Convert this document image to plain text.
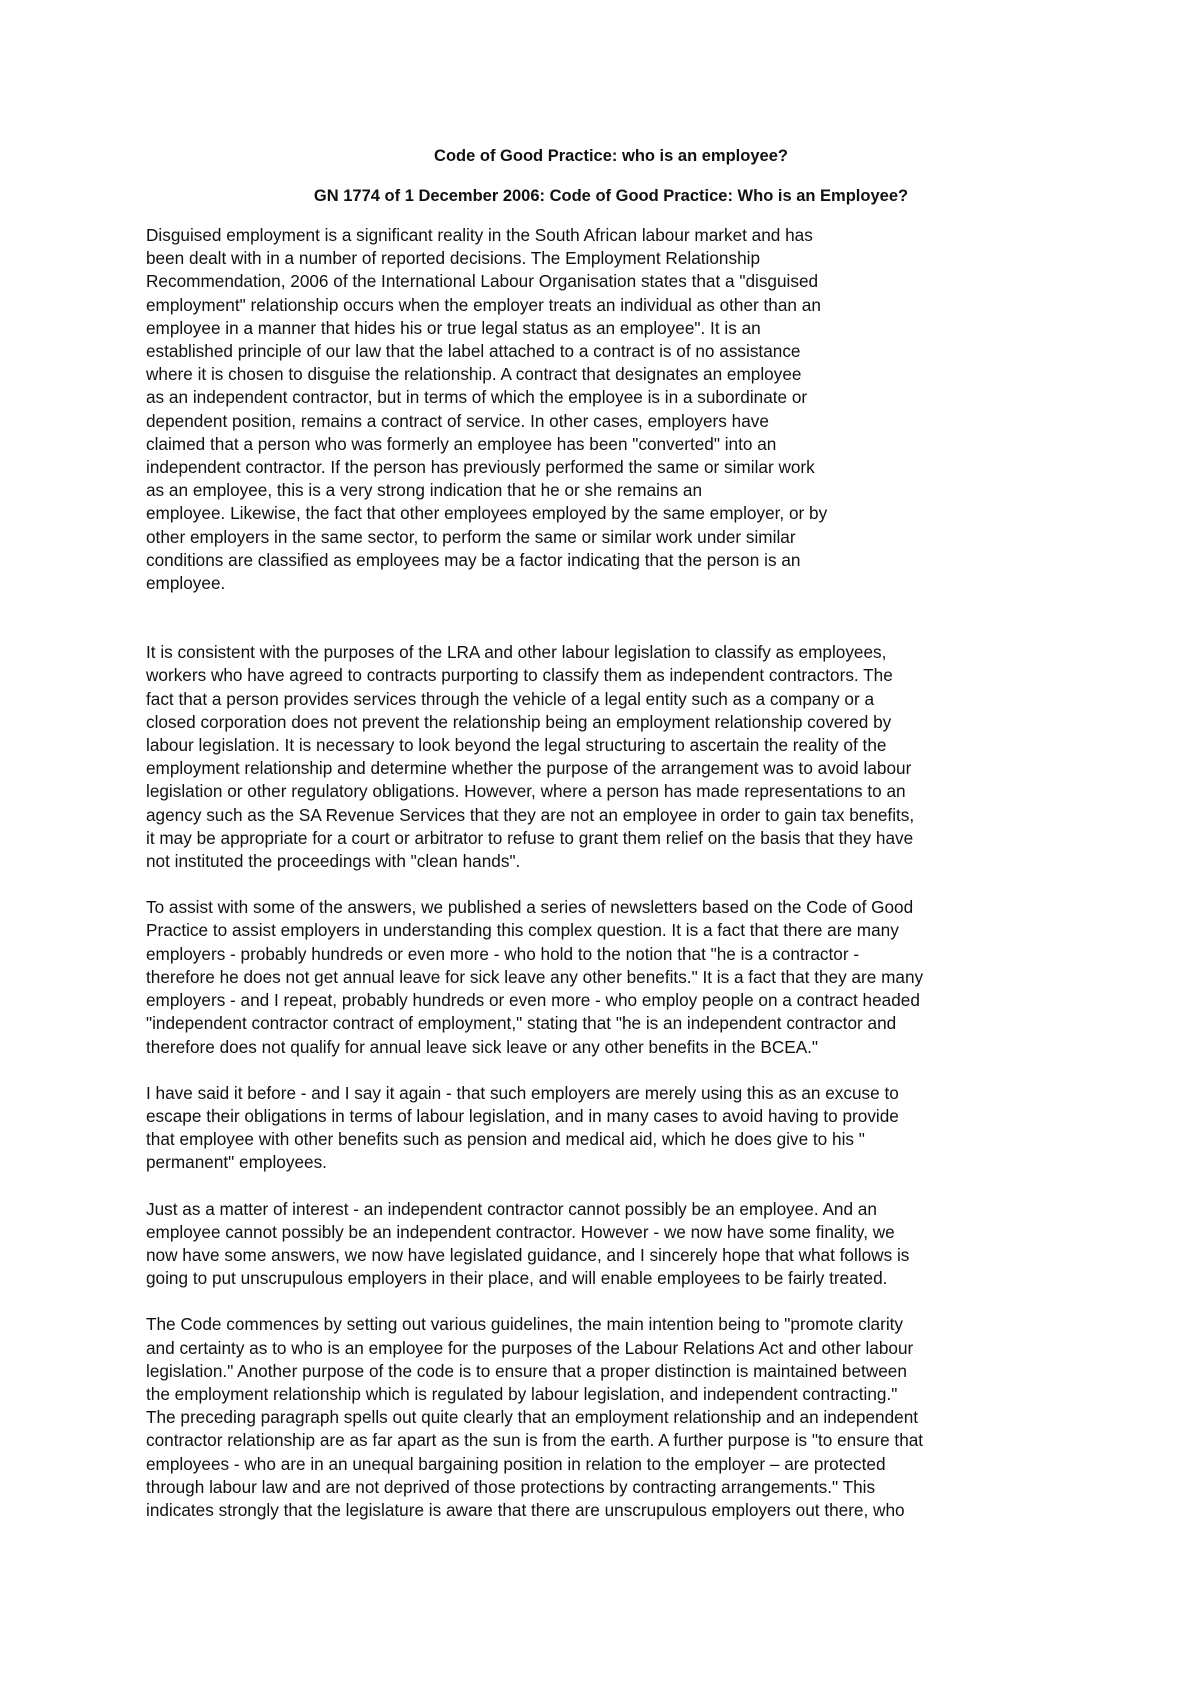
Code of Good Practice: who is an employee?
GN 1774 of 1 December 2006: Code of Good Practice: Who is an Employee?
Disguised employment is a significant reality in the South African labour market and has
been dealt with in a number of reported decisions. The Employment Relationship
Recommendation, 2006 of the International Labour Organisation states that a "disguised
employment" relationship occurs when the employer treats an individual as other than an
employee in a manner that hides his or true legal status as an employee". It is an
established principle of our law that the label attached to a contract is of no assistance
where it is chosen to disguise the relationship. A contract that designates an employee
as an independent contractor, but in terms of which the employee is in a subordinate or
dependent position, remains a contract of service. In other cases, employers have
claimed that a person who was formerly an employee has been "converted" into an
independent contractor. If the person has previously performed the same or similar work
as an employee, this is a very strong indication that he or she remains an
employee. Likewise, the fact that other employees employed by the same employer, or by
other employers in the same sector, to perform the same or similar work under similar
conditions are classified as employees may be a factor indicating that the person is an
employee.
It is consistent with the purposes of the LRA and other labour legislation to classify as employees,
workers who have agreed to contracts purporting to classify them as independent contractors. The
fact that a person provides services through the vehicle of a legal entity such as a company or a
closed corporation does not prevent the relationship being an employment relationship covered by
labour legislation. It is necessary to look beyond the legal structuring to ascertain the reality of the
employment relationship and determine whether the purpose of the arrangement was to avoid labour
legislation or other regulatory obligations. However, where a person has made representations to an
agency such as the SA Revenue Services that they are not an employee in order to gain tax benefits,
it may be appropriate for a court or arbitrator to refuse to grant them relief on the basis that they have
not instituted the proceedings with "clean hands".
To assist with some of the answers, we published a series of newsletters based on the Code of Good
Practice to assist employers in understanding this complex question. It is a fact that there are many
employers - probably hundreds or even more - who hold to the notion that "he is a contractor -
therefore he does not get annual leave for sick leave any other benefits." It is a fact that they are many
employers - and I repeat, probably hundreds or even more - who employ people on a contract headed
"independent contractor contract of employment," stating that "he is an independent contractor and
therefore does not qualify for annual leave sick leave or any other benefits in the BCEA."
I have said it before - and I say it again - that such employers are merely using this as an excuse to
escape their obligations in terms of labour legislation, and in many cases to avoid having to provide
that employee with other benefits such as pension and medical aid, which he does give to his "
permanent" employees.
Just as a matter of interest - an independent contractor cannot possibly be an employee. And an
employee cannot possibly be an independent contractor. However - we now have some finality, we
now have some answers, we now have legislated guidance, and I sincerely hope that what follows is
going to put unscrupulous employers in their place, and will enable employees to be fairly treated.
The Code commences by setting out various guidelines, the main intention being to "promote clarity
and certainty as to who is an employee for the purposes of the Labour Relations Act and other labour
legislation." Another purpose of the code is to ensure that a proper distinction is maintained between
the employment relationship which is regulated by labour legislation, and independent contracting."
The preceding paragraph spells out quite clearly that an employment relationship and an independent
contractor relationship are as far apart as the sun is from the earth. A further purpose is "to ensure that
employees - who are in an unequal bargaining position in relation to the employer – are protected
through labour law and are not deprived of those protections by contracting arrangements." This
indicates strongly that the legislature is aware that there are unscrupulous employers out there, who
